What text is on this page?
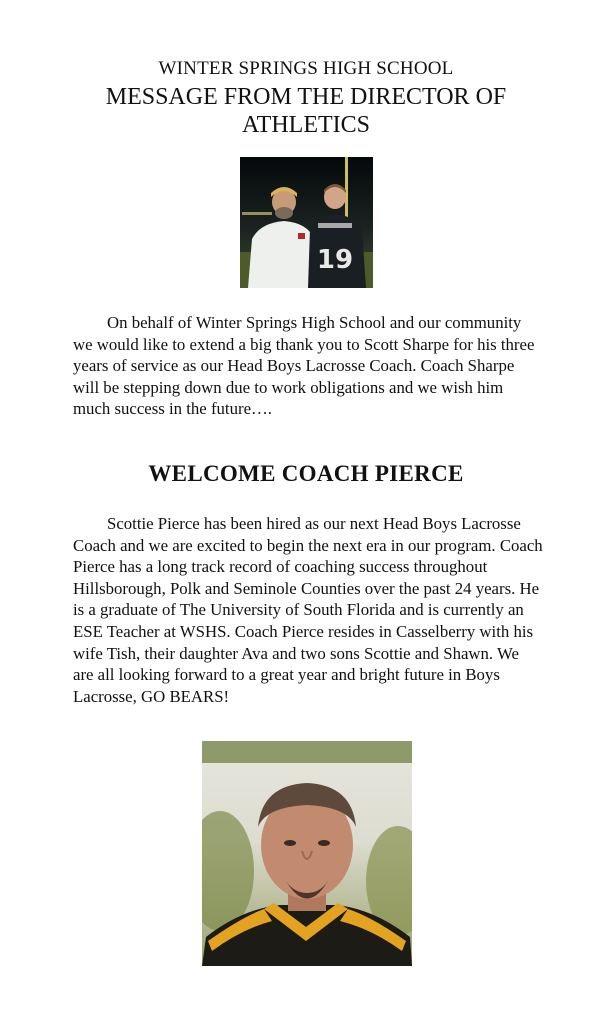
WINTER SPRINGS HIGH SCHOOL
MESSAGE FROM THE DIRECTOR OF ATHLETICS
19
On behalf of Winter Springs High School and our community we would like to extend a big thank you to Scott Sharpe for his three years of service as our Head Boys Lacrosse Coach. Coach Sharpe will be stepping down due to work obligations and we wish him much success in the future….
WELCOME COACH PIERCE
Scottie Pierce has been hired as our next Head Boys Lacrosse Coach and we are excited to begin the next era in our program. Coach Pierce has a long track record of coaching success throughout Hillsborough, Polk and Seminole Counties over the past 24 years. He is a graduate of The University of South Florida and is currently an ESE Teacher at WSHS. Coach Pierce resides in Casselberry with his wife Tish, their daughter Ava and two sons Scottie and Shawn. We are all looking forward to a great year and bright future in Boys Lacrosse, GO BEARS!
